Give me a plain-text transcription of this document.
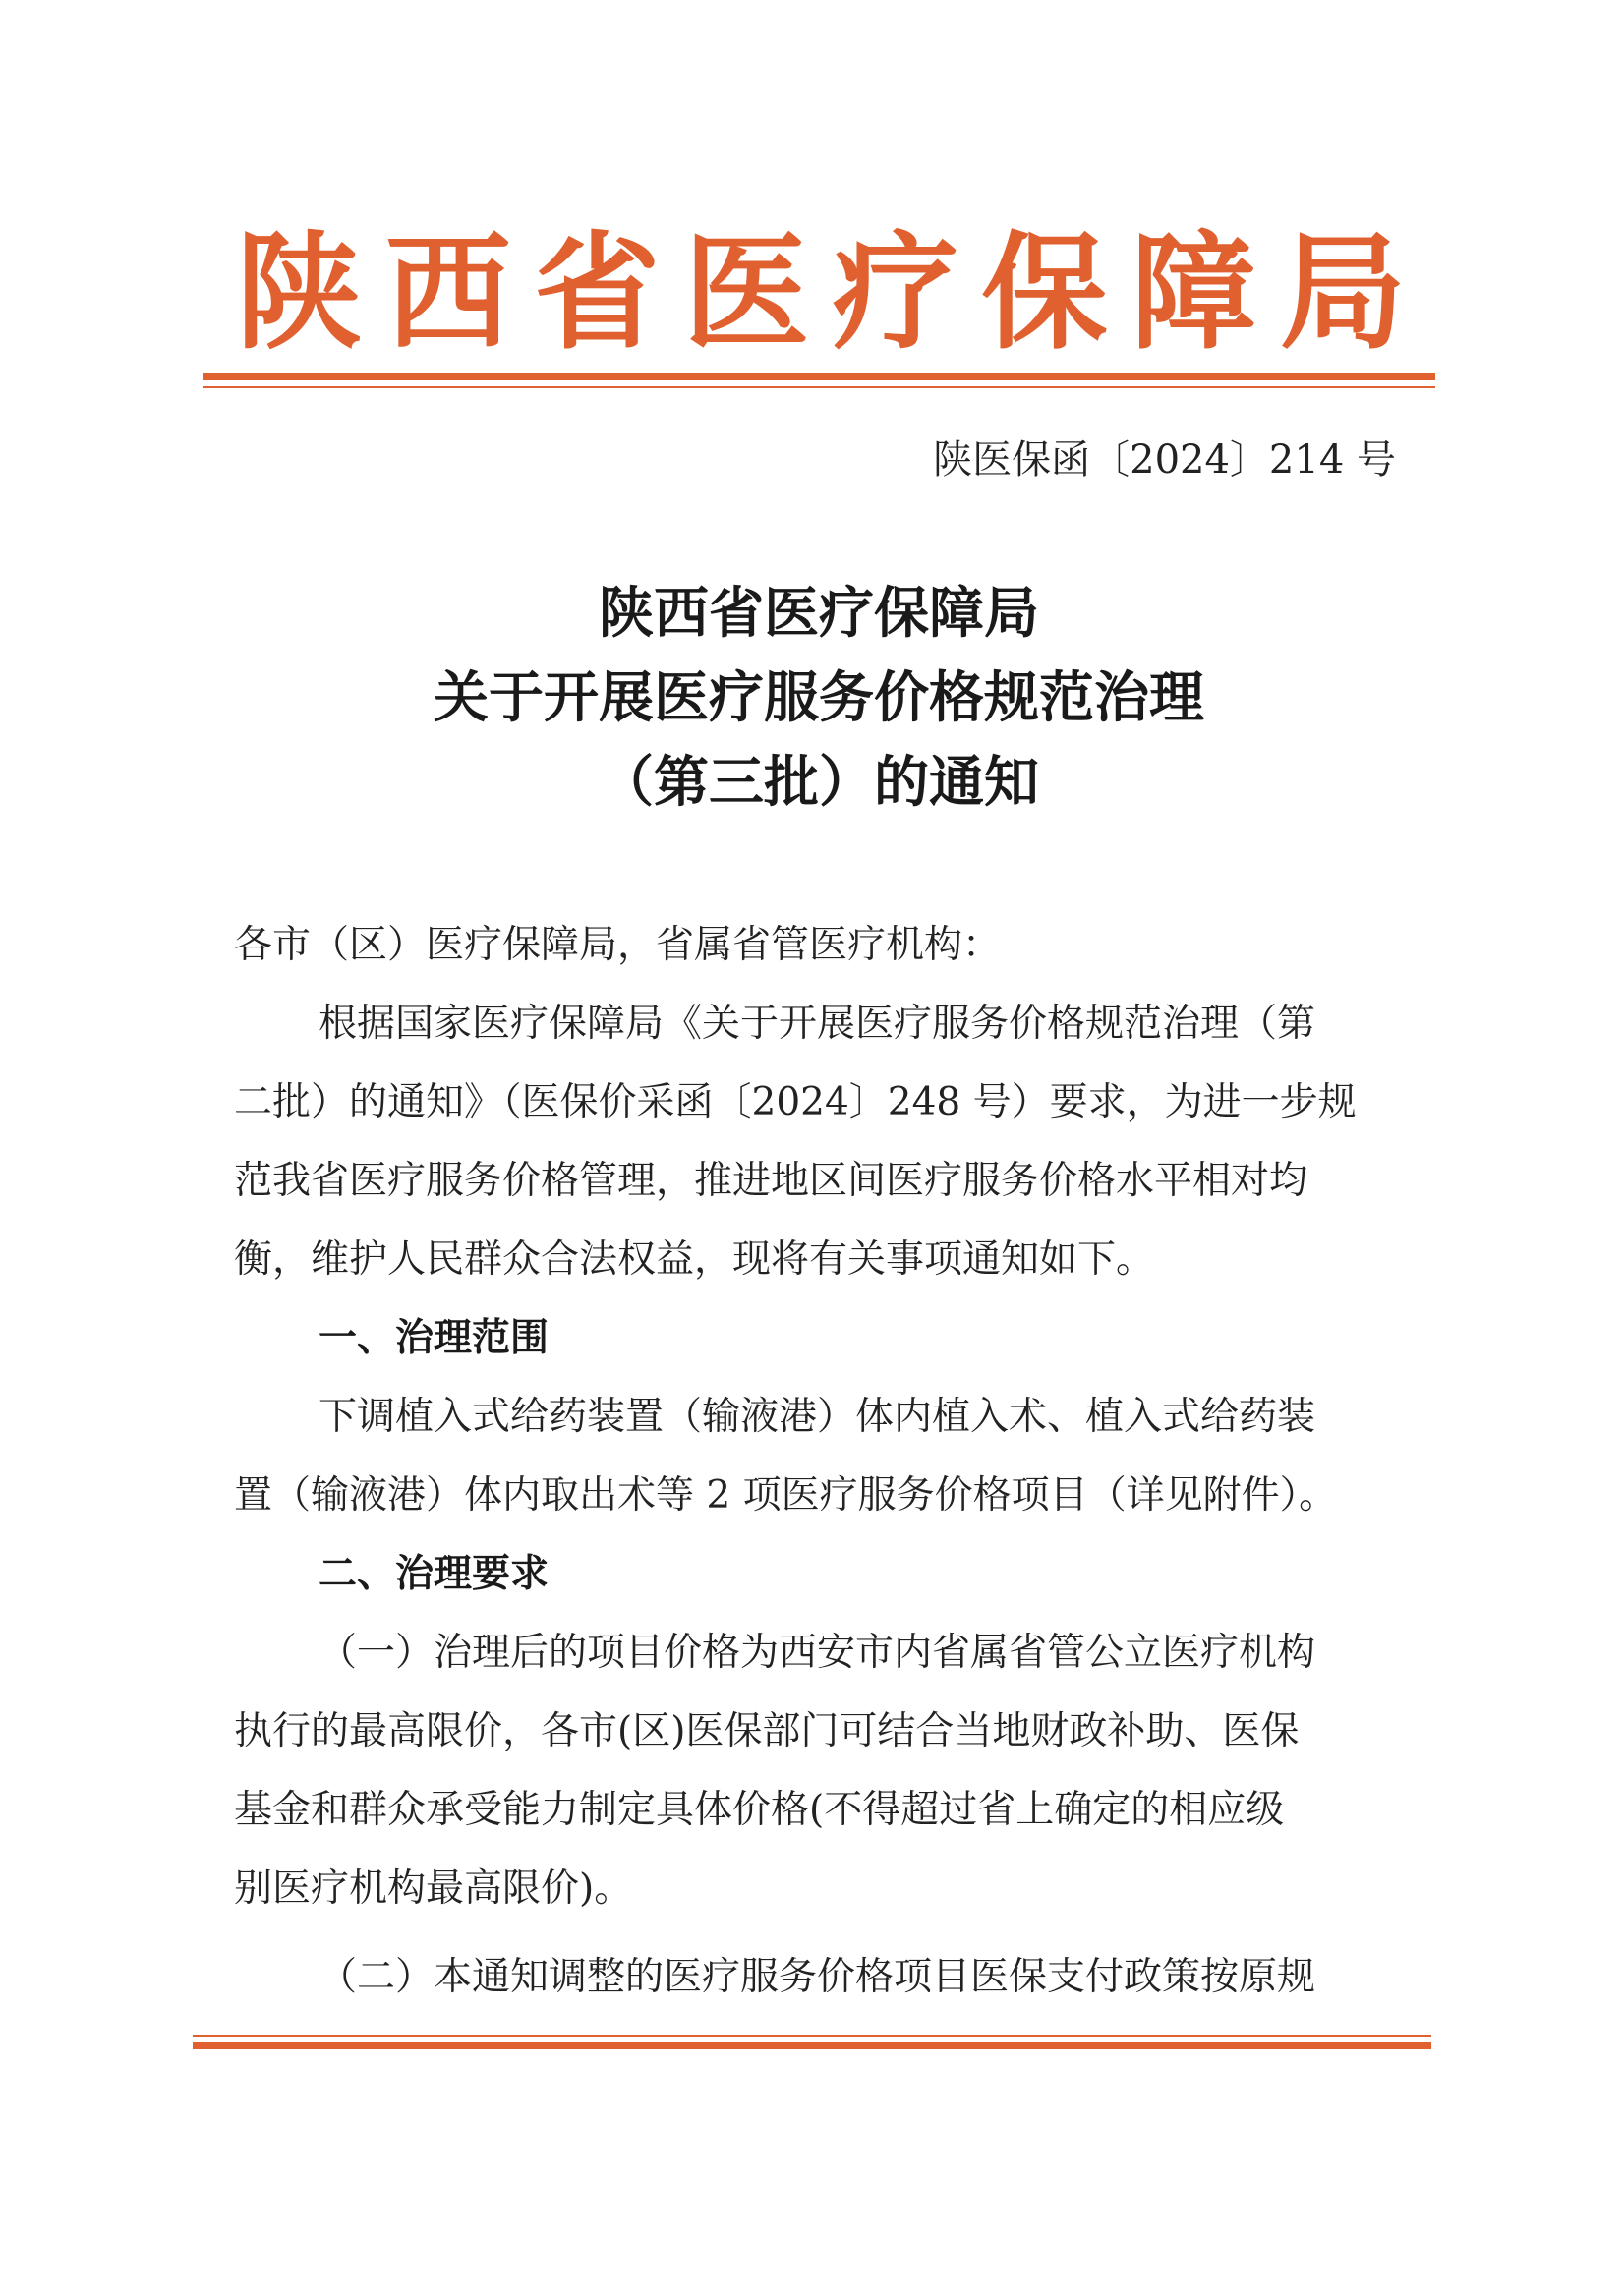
陕 西 省 医 疗 保 障 局
陕医保函〔2024〕214 号
陕西省医疗保障局
关于开展医疗服务价格规范治理
（第三批）的通知
各市（区）医疗保障局，省属省管医疗机构：
根据国家医疗保障局《关于开展医疗服务价格规范治理（第
二批）的通知》（医保价采函〔2024〕248 号）要求，为进一步规
范我省医疗服务价格管理，推进地区间医疗服务价格水平相对均
衡，维护人民群众合法权益，现将有关事项通知如下。
一、治理范围
下调植入式给药装置（输液港）体内植入术、植入式给药装
置（输液港）体内取出术等 2 项医疗服务价格项目（详见附件）。
二、治理要求
（一）治理后的项目价格为西安市内省属省管公立医疗机构
执行的最高限价，各市(区)医保部门可结合当地财政补助、医保
基金和群众承受能力制定具体价格(不得超过省上确定的相应级
别医疗机构最高限价)。
（二）本通知调整的医疗服务价格项目医保支付政策按原规
